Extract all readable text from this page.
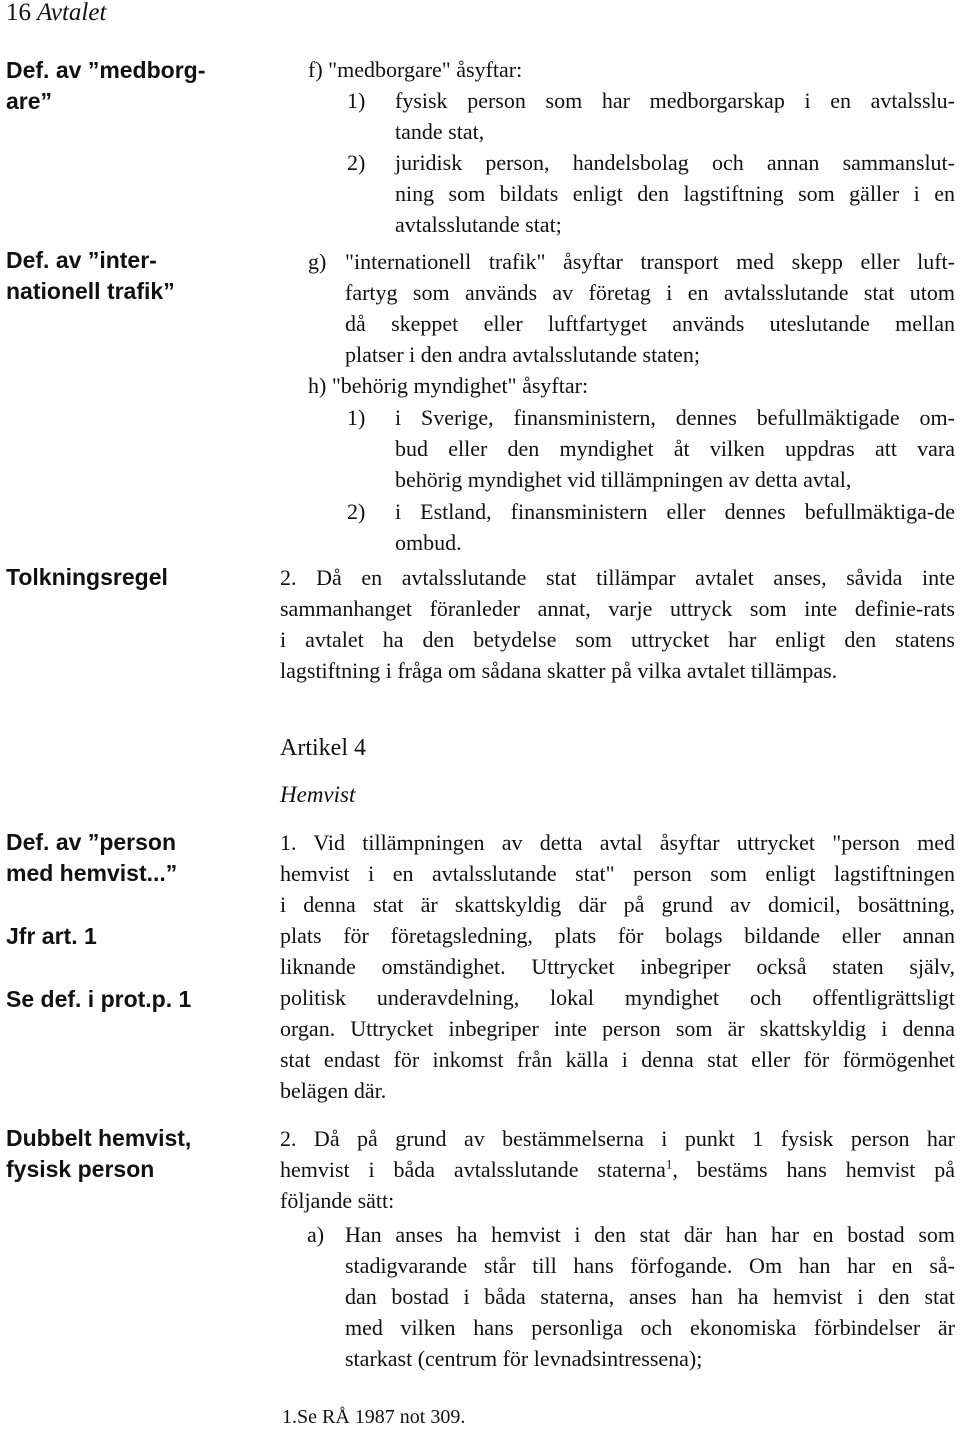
16 Avtalet
Def. av ”medborg-
are”
Def. av ”inter-
nationell trafik”
Tolkningsregel
Def. av ”person
med hemvist...”
Jfr art. 1
Se def. i prot.p. 1
Dubbelt hemvist,
fysisk person
f) "medborgare" åsyftar:
1) fysisk person som har medborgarskap i en avtalsslu-
tande stat,
2) juridisk person, handelsbolag och annan sammanslut-
ning som bildats enligt den lagstiftning som gäller i en
avtalsslutande stat;
g) "internationell trafik" åsyftar transport med skepp eller luft-
fartyg som används av företag i en avtalsslutande stat utom
då skeppet eller luftfartyget används uteslutande mellan
platser i den andra avtalsslutande staten;
h) "behörig myndighet" åsyftar:
1) i Sverige, finansministern, dennes befullmäktigade om-
bud eller den myndighet åt vilken uppdras att vara
behörig myndighet vid tillämpningen av detta avtal,
2) i Estland, finansministern eller dennes befullmäktiga-de
ombud.
2. Då en avtalsslutande stat tillämpar avtalet anses, såvida inte
sammanhanget föranleder annat, varje uttryck som inte definie-rats
i avtalet ha den betydelse som uttrycket har enligt den statens
lagstiftning i fråga om sådana skatter på vilka avtalet tillämpas.
Artikel 4
Hemvist
1. Vid tillämpningen av detta avtal åsyftar uttrycket "person med
hemvist i en avtalsslutande stat" person som enligt lagstiftningen
i denna stat är skattskyldig där på grund av domicil, bosättning,
plats för företagsledning, plats för bolags bildande eller annan
liknande omständighet. Uttrycket inbegriper också staten själv,
politisk underavdelning, lokal myndighet och offentligrättsligt
organ. Uttrycket inbegriper inte person som är skattskyldig i denna
stat endast för inkomst från källa i denna stat eller för förmögenhet
belägen där.
2. Då på grund av bestämmelserna i punkt 1 fysisk person har
hemvist i båda avtalsslutande staterna$^1$, bestäms hans hemvist på
följande sätt:
a) Han anses ha hemvist i den stat där han har en bostad som
stadigvarande står till hans förfogande. Om han har en så-
dan bostad i båda staterna, anses han ha hemvist i den stat
med vilken hans personliga och ekonomiska förbindelser är
starkast (centrum för levnadsintressena);
1.Se RÅ 1987 not 309.
